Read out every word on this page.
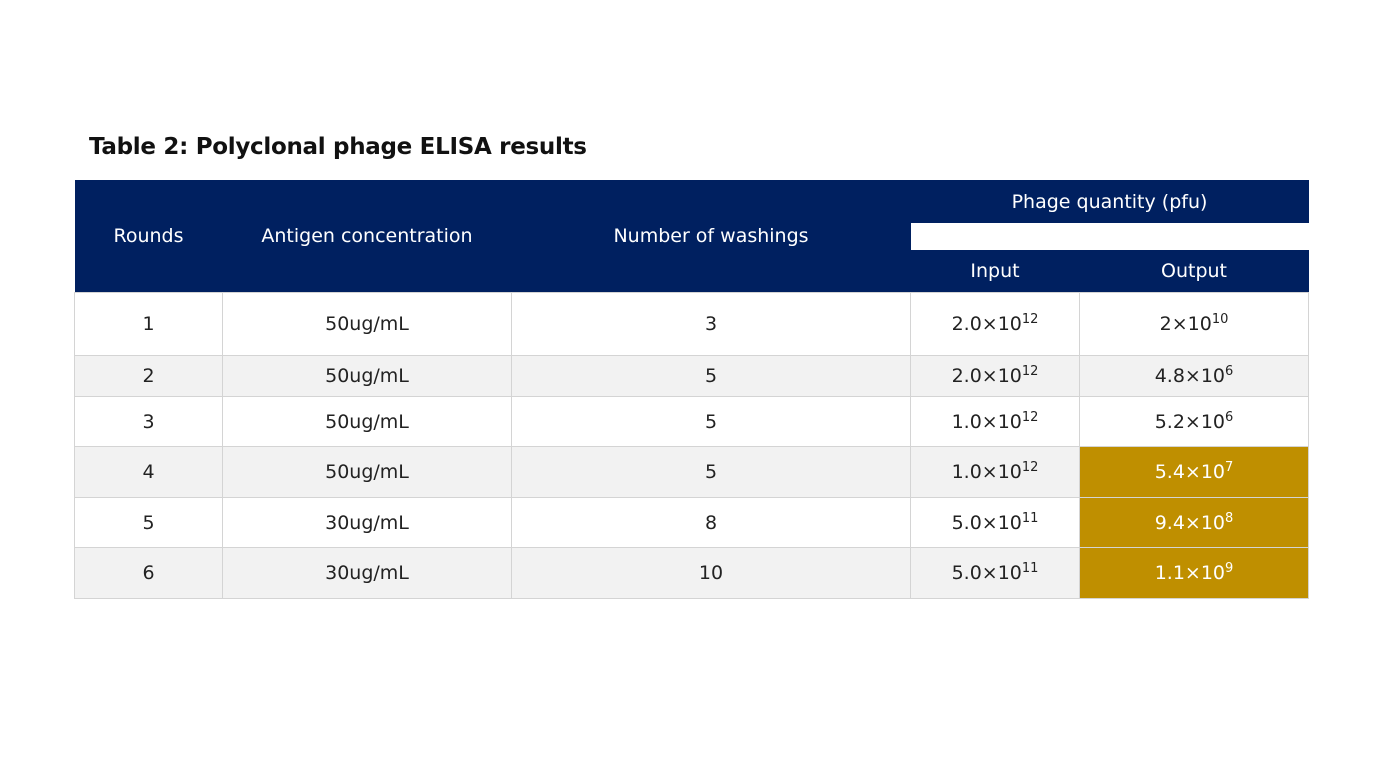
Table 2: Polyclonal phage ELISA results
Rounds	Antigen concentration	Number of washings	Phage quantity (pfu)	

			Input	Output
1	50ug/mL	3	$2.0\times 10^{12}$	$2\times 10^{10}$
2	50ug/mL	5	$2.0\times 10^{12}$	$4.8\times 10^6$
3	50ug/mL	5	$1.0\times 10^{12}$	$5.2\times 10^6$
4	50ug/mL	5	$1.0\times 10^{12}$	$5.4\times 10^7$
5	30ug/mL	8	$5.0\times 10^{11}$	$9.4\times 10^8$
6	30ug/mL	10	$5.0\times 10^{11}$	$1.1\times 10^9$
